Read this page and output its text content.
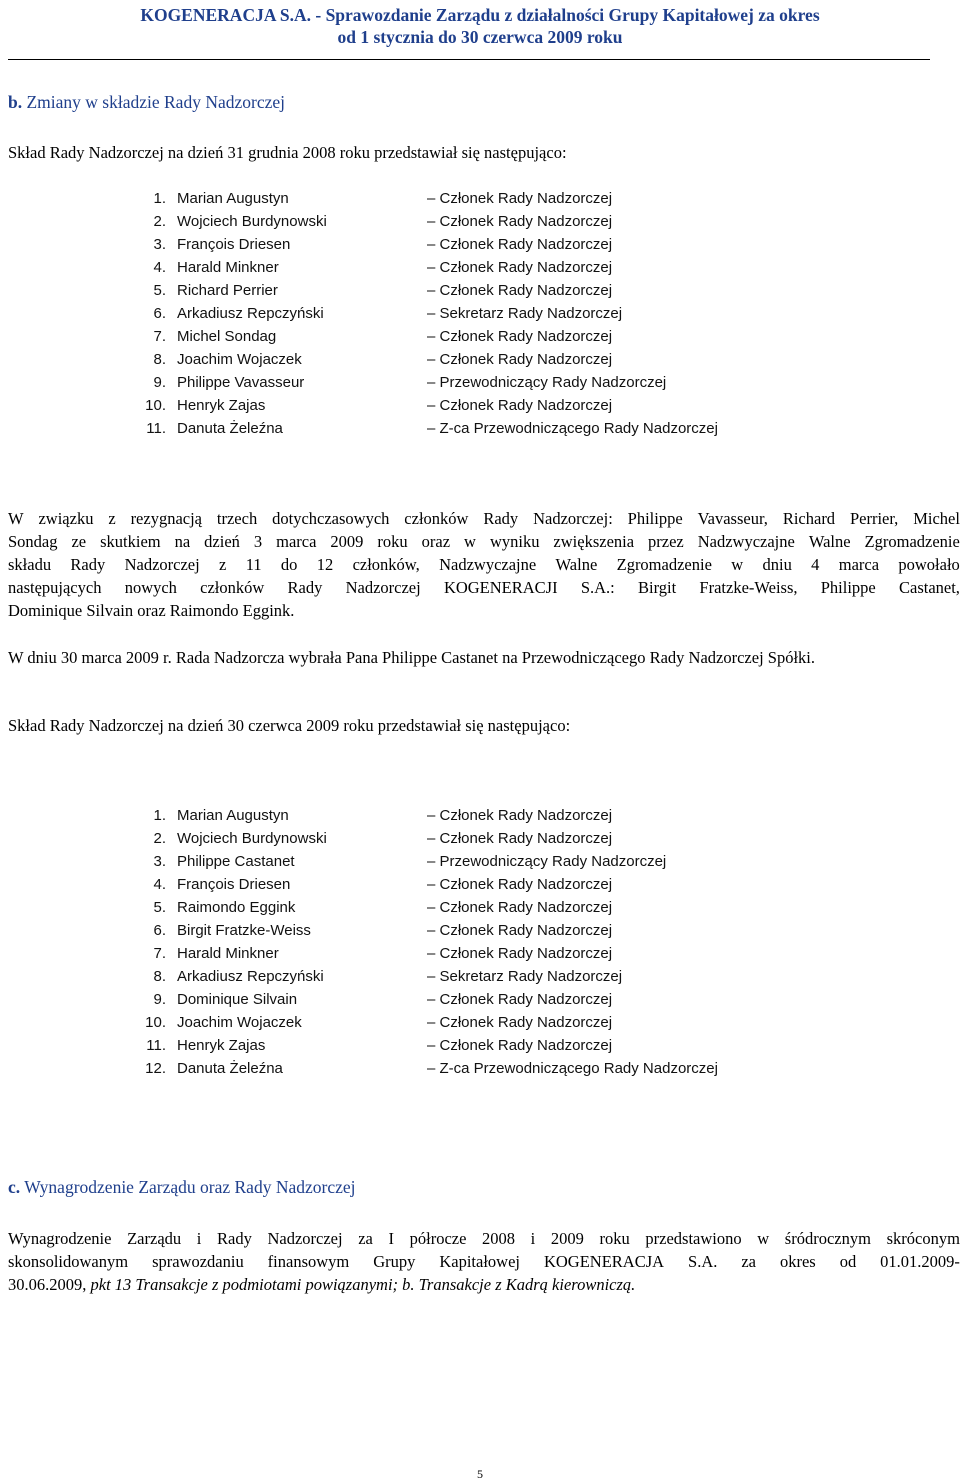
KOGENERACJA S.A. - Sprawozdanie Zarządu z działalności Grupy Kapitałowej za okres
od 1 stycznia do 30 czerwca 2009 roku
b. Zmiany w składzie Rady Nadzorczej
Skład Rady Nadzorczej na dzień 31 grudnia 2008 roku przedstawiał się następująco:
1. Marian Augustyn	– Członek Rady Nadzorczej
2. Wojciech Burdynowski	– Członek Rady Nadzorczej
3. François Driesen	– Członek Rady Nadzorczej
4. Harald Minkner	– Członek Rady Nadzorczej
5. Richard Perrier	– Członek Rady Nadzorczej
6. Arkadiusz Repczyński	– Sekretarz Rady Nadzorczej
7. Michel Sondag	– Członek Rady Nadzorczej
8. Joachim Wojaczek	– Członek Rady Nadzorczej
9. Philippe Vavasseur	– Przewodniczący Rady Nadzorczej
10. Henryk Zajas	– Członek Rady Nadzorczej
11. Danuta Żeleźna	– Z-ca Przewodniczącego Rady Nadzorczej
W związku z rezygnacją trzech dotychczasowych członków Rady Nadzorczej: Philippe Vavasseur, Richard Perrier, Michel
Sondag ze skutkiem na dzień 3 marca 2009 roku oraz w wyniku zwiększenia przez Nadzwyczajne Walne Zgromadzenie
składu Rady Nadzorczej z 11 do 12 członków, Nadzwyczajne Walne Zgromadzenie w dniu 4 marca powołało
następujących nowych członków Rady Nadzorczej KOGENERACJI S.A.: Birgit Fratzke-Weiss, Philippe Castanet,
Dominique Silvain oraz Raimondo Eggink.
W dniu 30 marca 2009 r. Rada Nadzorcza wybrała Pana Philippe Castanet na Przewodniczącego Rady Nadzorczej Spółki.
Skład Rady Nadzorczej na dzień 30 czerwca 2009 roku przedstawiał się następująco:
1. Marian Augustyn	– Członek Rady Nadzorczej
2. Wojciech Burdynowski	– Członek Rady Nadzorczej
3. Philippe Castanet	– Przewodniczący Rady Nadzorczej
4. François Driesen	– Członek Rady Nadzorczej
5. Raimondo Eggink	– Członek Rady Nadzorczej
6. Birgit Fratzke-Weiss	– Członek Rady Nadzorczej
7. Harald Minkner	– Członek Rady Nadzorczej
8. Arkadiusz Repczyński	– Sekretarz Rady Nadzorczej
9. Dominique Silvain	– Członek Rady Nadzorczej
10. Joachim Wojaczek	– Członek Rady Nadzorczej
11. Henryk Zajas	– Członek Rady Nadzorczej
12. Danuta Żeleźna	– Z-ca Przewodniczącego Rady Nadzorczej
c. Wynagrodzenie Zarządu oraz Rady Nadzorczej
Wynagrodzenie Zarządu i Rady Nadzorczej za I półrocze 2008 i 2009 roku przedstawiono w śródrocznym skróconym
skonsolidowanym sprawozdaniu finansowym Grupy Kapitałowej KOGENERACJA S.A. za okres od 01.01.2009-
30.06.2009, pkt 13 Transakcje z podmiotami powiązanymi; b. Transakcje z Kadrą kierowniczą.
5
